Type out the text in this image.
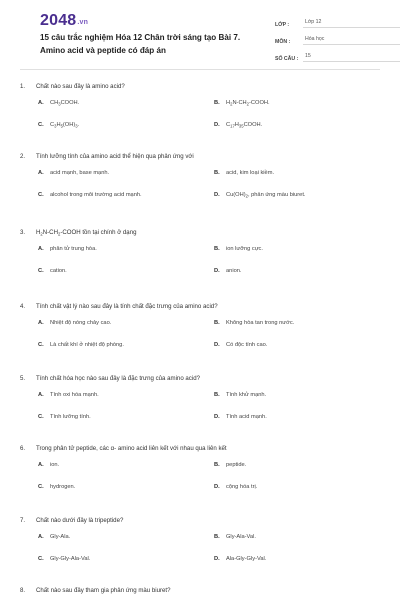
2048.vn
15 câu trắc nghiệm Hóa 12 Chân trời sáng tạo Bài 7. Amino acid và peptide có đáp án
LỚP :	Lớp 12
MÔN :	Hóa học
SỐ CÂU :	15
1.	Chất nào sau đây là amino acid?
A.	$CH_3COOH$.	B.	$H_2N-CH_2$-COOH.
C.	$C_3H_5(OH)_3$.	D.	$C_{17}H_{35}COOH$.
2.	Tính lưỡng tính của amino acid thể hiện qua phản ứng với
A.	acid mạnh, base mạnh.	B.	acid, kim loại kiềm.
C.	alcohol trong môi trường acid mạnh.	D.	$Cu(OH)_2$, phản ứng màu biuret.
3.	$H_2N-CH_2$-COOH tồn tại chính ở dạng
A.	phân tử trung hòa.	B.	ion lưỡng cực.
C.	cation.	D.	anion.
4.	Tính chất vật lý nào sau đây là tính chất đặc trưng của amino acid?
A.	Nhiệt độ nóng chảy cao.	B.	Không hòa tan trong nước.
C.	Là chất khí ở nhiệt độ phòng.	D.	Có độc tính cao.
5.	Tính chất hóa học nào sau đây là đặc trưng của amino acid?
A.	Tính oxi hóa mạnh.	B.	Tính khử mạnh.
C.	Tính lưỡng tính.	D.	Tính acid mạnh.
6.	Trong phân tử peptide, các α- amino acid liên kết với nhau qua liên kết
A.	ion.	B.	peptide.
C.	hydrogen.	D.	cộng hóa trị.
7.	Chất nào dưới đây là tripeptide?
A.	Gly-Ala.	B.	Gly-Ala-Val.
C.	Gly-Gly-Ala-Val.	D.	Ala-Gly-Gly-Val.
8.	Chất nào sau đây tham gia phản ứng màu biuret?
